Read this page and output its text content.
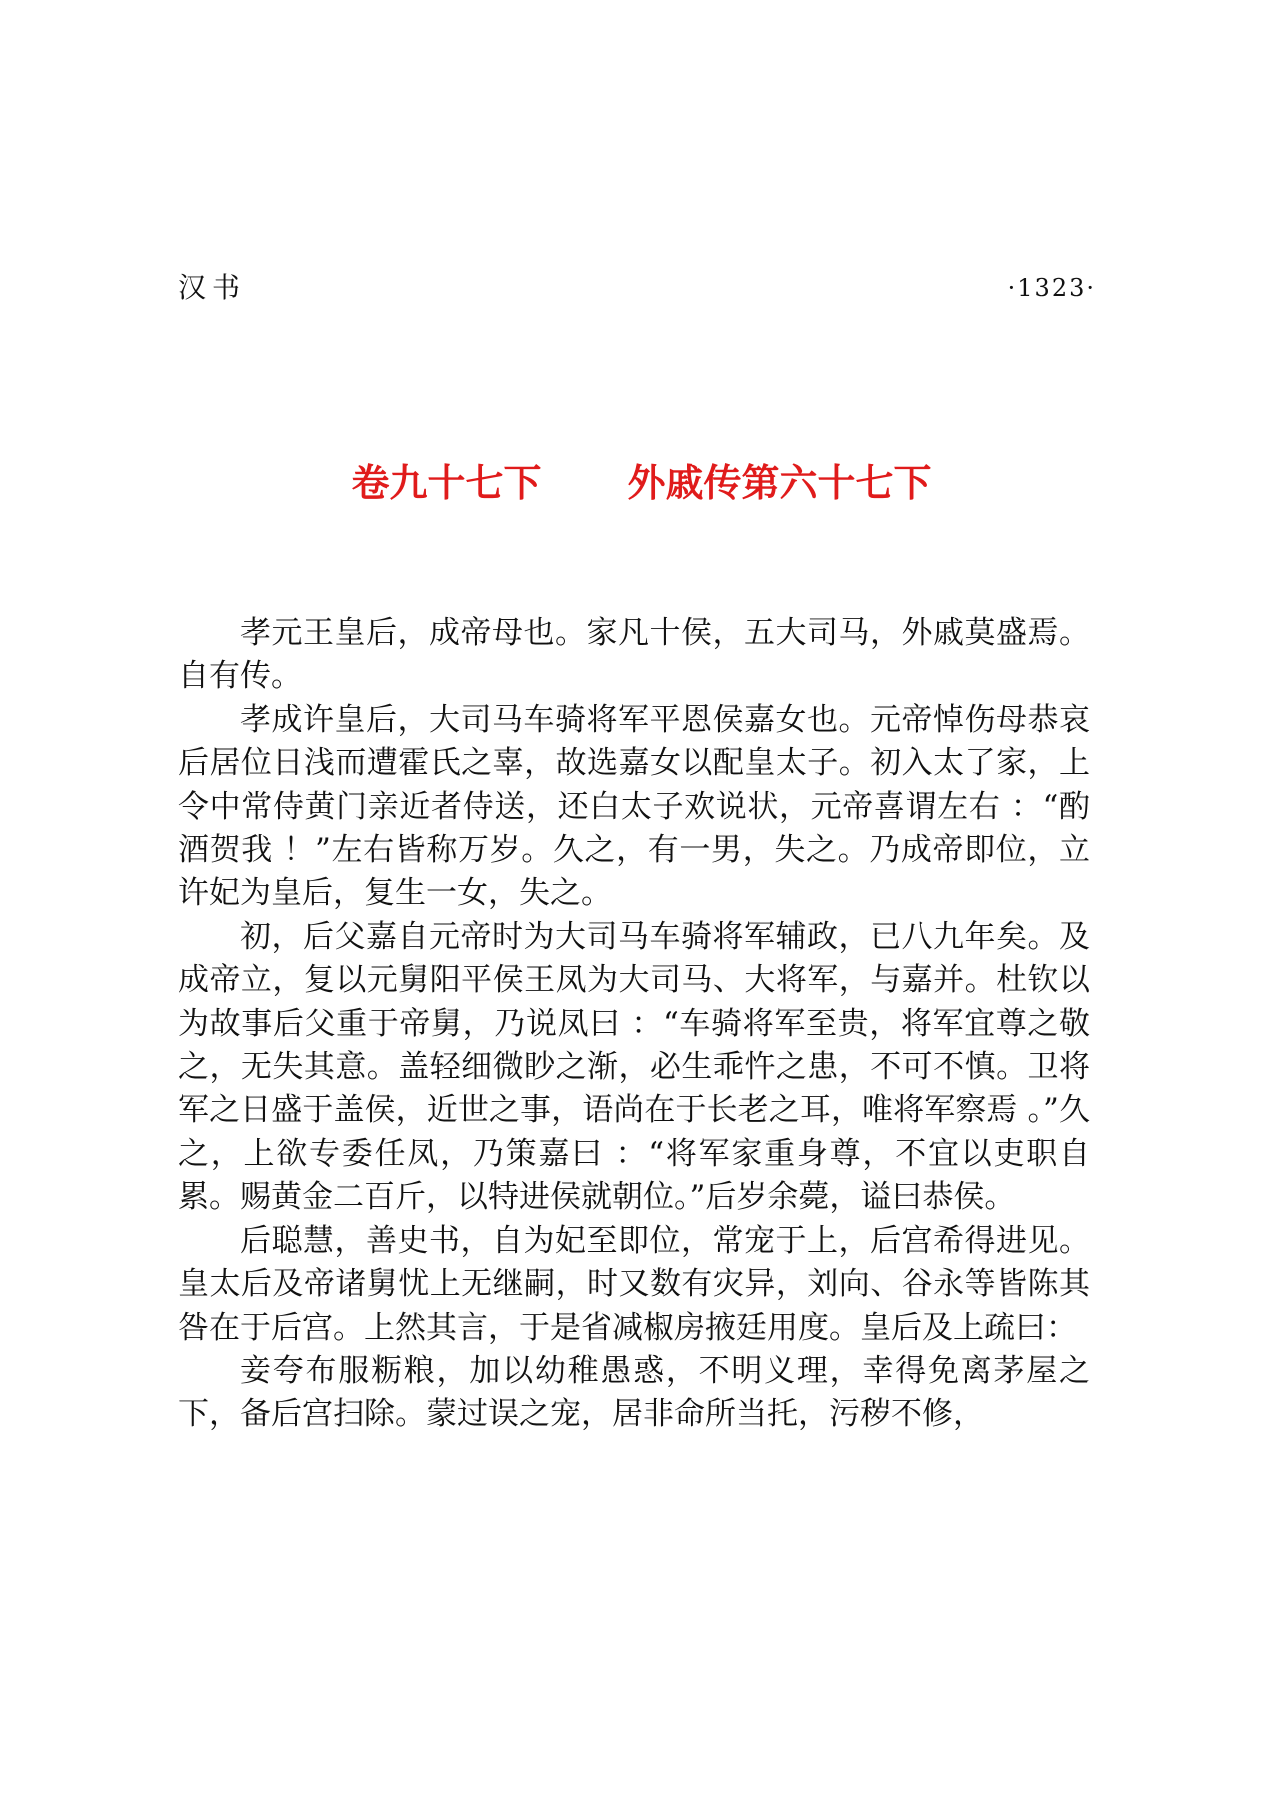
汉书	·1323·
卷九十七下 外戚传第六十七下

孝元王皇后，成帝母也。家凡十侯，五大司马，外戚莫盛焉。自有传。

孝成许皇后，大司马车骑将军平恩侯嘉女也。元帝悼伤母恭哀后居位日浅而遭霍氏之辜，故选嘉女以配皇太子。初入太了家，上令中常侍黄门亲近者侍送，还白太子欢说状，元帝喜谓左右 ：“酌酒贺我 ！”左右皆称万岁。久之，有一男，失之。乃成帝即位，立许妃为皇后，复生一女，失之。

初，后父嘉自元帝时为大司马车骑将军辅政，已八九年矣。及成帝立，复以元舅阳平侯王凤为大司马、大将军，与嘉并。杜钦以为故事后父重于帝舅，乃说凤曰 ：“车骑将军至贵，将军宜尊之敬之，无失其意。盖轻细微眇之渐，必生乖忤之患，不可不慎。卫将军之日盛于盖侯，近世之事，语尚在于长老之耳，唯将军察焉 。”久之，上欲专委任凤，乃策嘉曰 ：“将军家重身尊，不宜以吏职自累。赐黄金二百斤，以特进侯就朝位。”后岁余薨，谥曰恭侯。

后聪慧，善史书，自为妃至即位，常宠于上，后宫希得进见。皇太后及帝诸舅忧上无继嗣，时又数有灾异，刘向、谷永等皆陈其咎在于后宫。上然其言，于是省减椒房掖廷用度。皇后及上疏曰：

妾夸布服粝粮，加以幼稚愚惑，不明义理，幸得免离茅屋之下，备后宫扫除。蒙过误之宠，居非命所当托，污秽不修，
